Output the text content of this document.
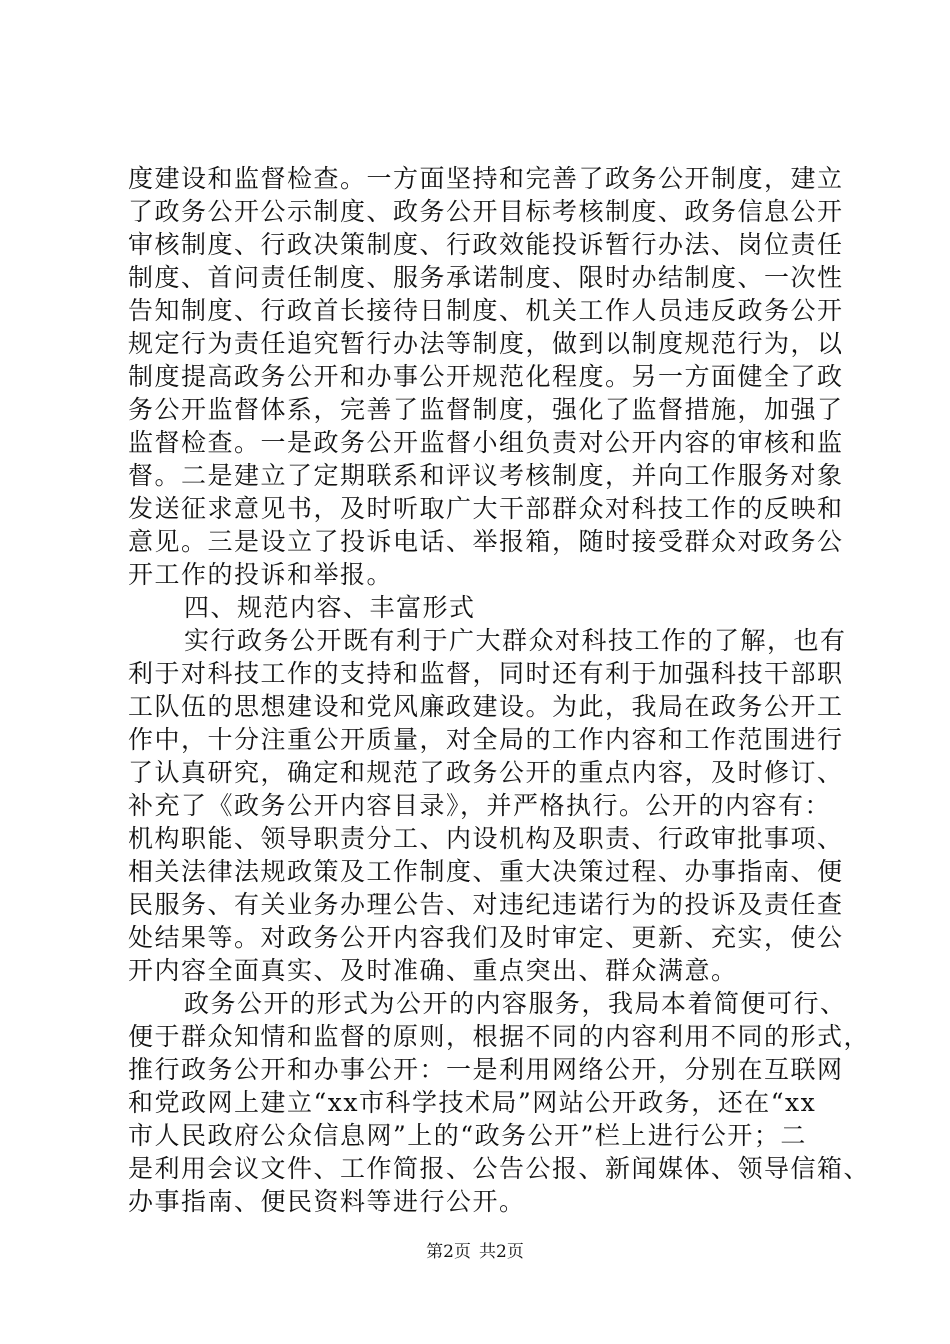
度建设和监督检查。一方面坚持和完善了政务公开制度，建立
了政务公开公示制度、政务公开目标考核制度、政务信息公开
审核制度、行政决策制度、行政效能投诉暂行办法、岗位责任
制度、首问责任制度、服务承诺制度、限时办结制度、一次性
告知制度、行政首长接待日制度、机关工作人员违反政务公开
规定行为责任追究暂行办法等制度，做到以制度规范行为，以
制度提高政务公开和办事公开规范化程度。另一方面健全了政
务公开监督体系，完善了监督制度，强化了监督措施，加强了
监督检查。一是政务公开监督小组负责对公开内容的审核和监
督。二是建立了定期联系和评议考核制度，并向工作服务对象
发送征求意见书，及时听取广大干部群众对科技工作的反映和
意见。三是设立了投诉电话、举报箱，随时接受群众对政务公
开工作的投诉和举报。
四、规范内容、丰富形式
实行政务公开既有利于广大群众对科技工作的了解，也有
利于对科技工作的支持和监督，同时还有利于加强科技干部职
工队伍的思想建设和党风廉政建设。为此，我局在政务公开工
作中，十分注重公开质量，对全局的工作内容和工作范围进行
了认真研究，确定和规范了政务公开的重点内容，及时修订、
补充了《政务公开内容目录》，并严格执行。公开的内容有：
机构职能、领导职责分工、内设机构及职责、行政审批事项、
相关法律法规政策及工作制度、重大决策过程、办事指南、便
民服务、有关业务办理公告、对违纪违诺行为的投诉及责任查
处结果等。对政务公开内容我们及时审定、更新、充实，使公
开内容全面真实、及时准确、重点突出、群众满意。
政务公开的形式为公开的内容服务，我局本着简便可行、
便于群众知情和监督的原则，根据不同的内容利用不同的形式，
推行政务公开和办事公开：一是利用网络公开，分别在互联网
和党政网上建立“xx市科学技术局”网站公开政务，还在“xx
市人民政府公众信息网”上的“政务公开”栏上进行公开；二
是利用会议文件、工作简报、公告公报、新闻媒体、领导信箱、
办事指南、便民资料等进行公开。
第2页 共2页
